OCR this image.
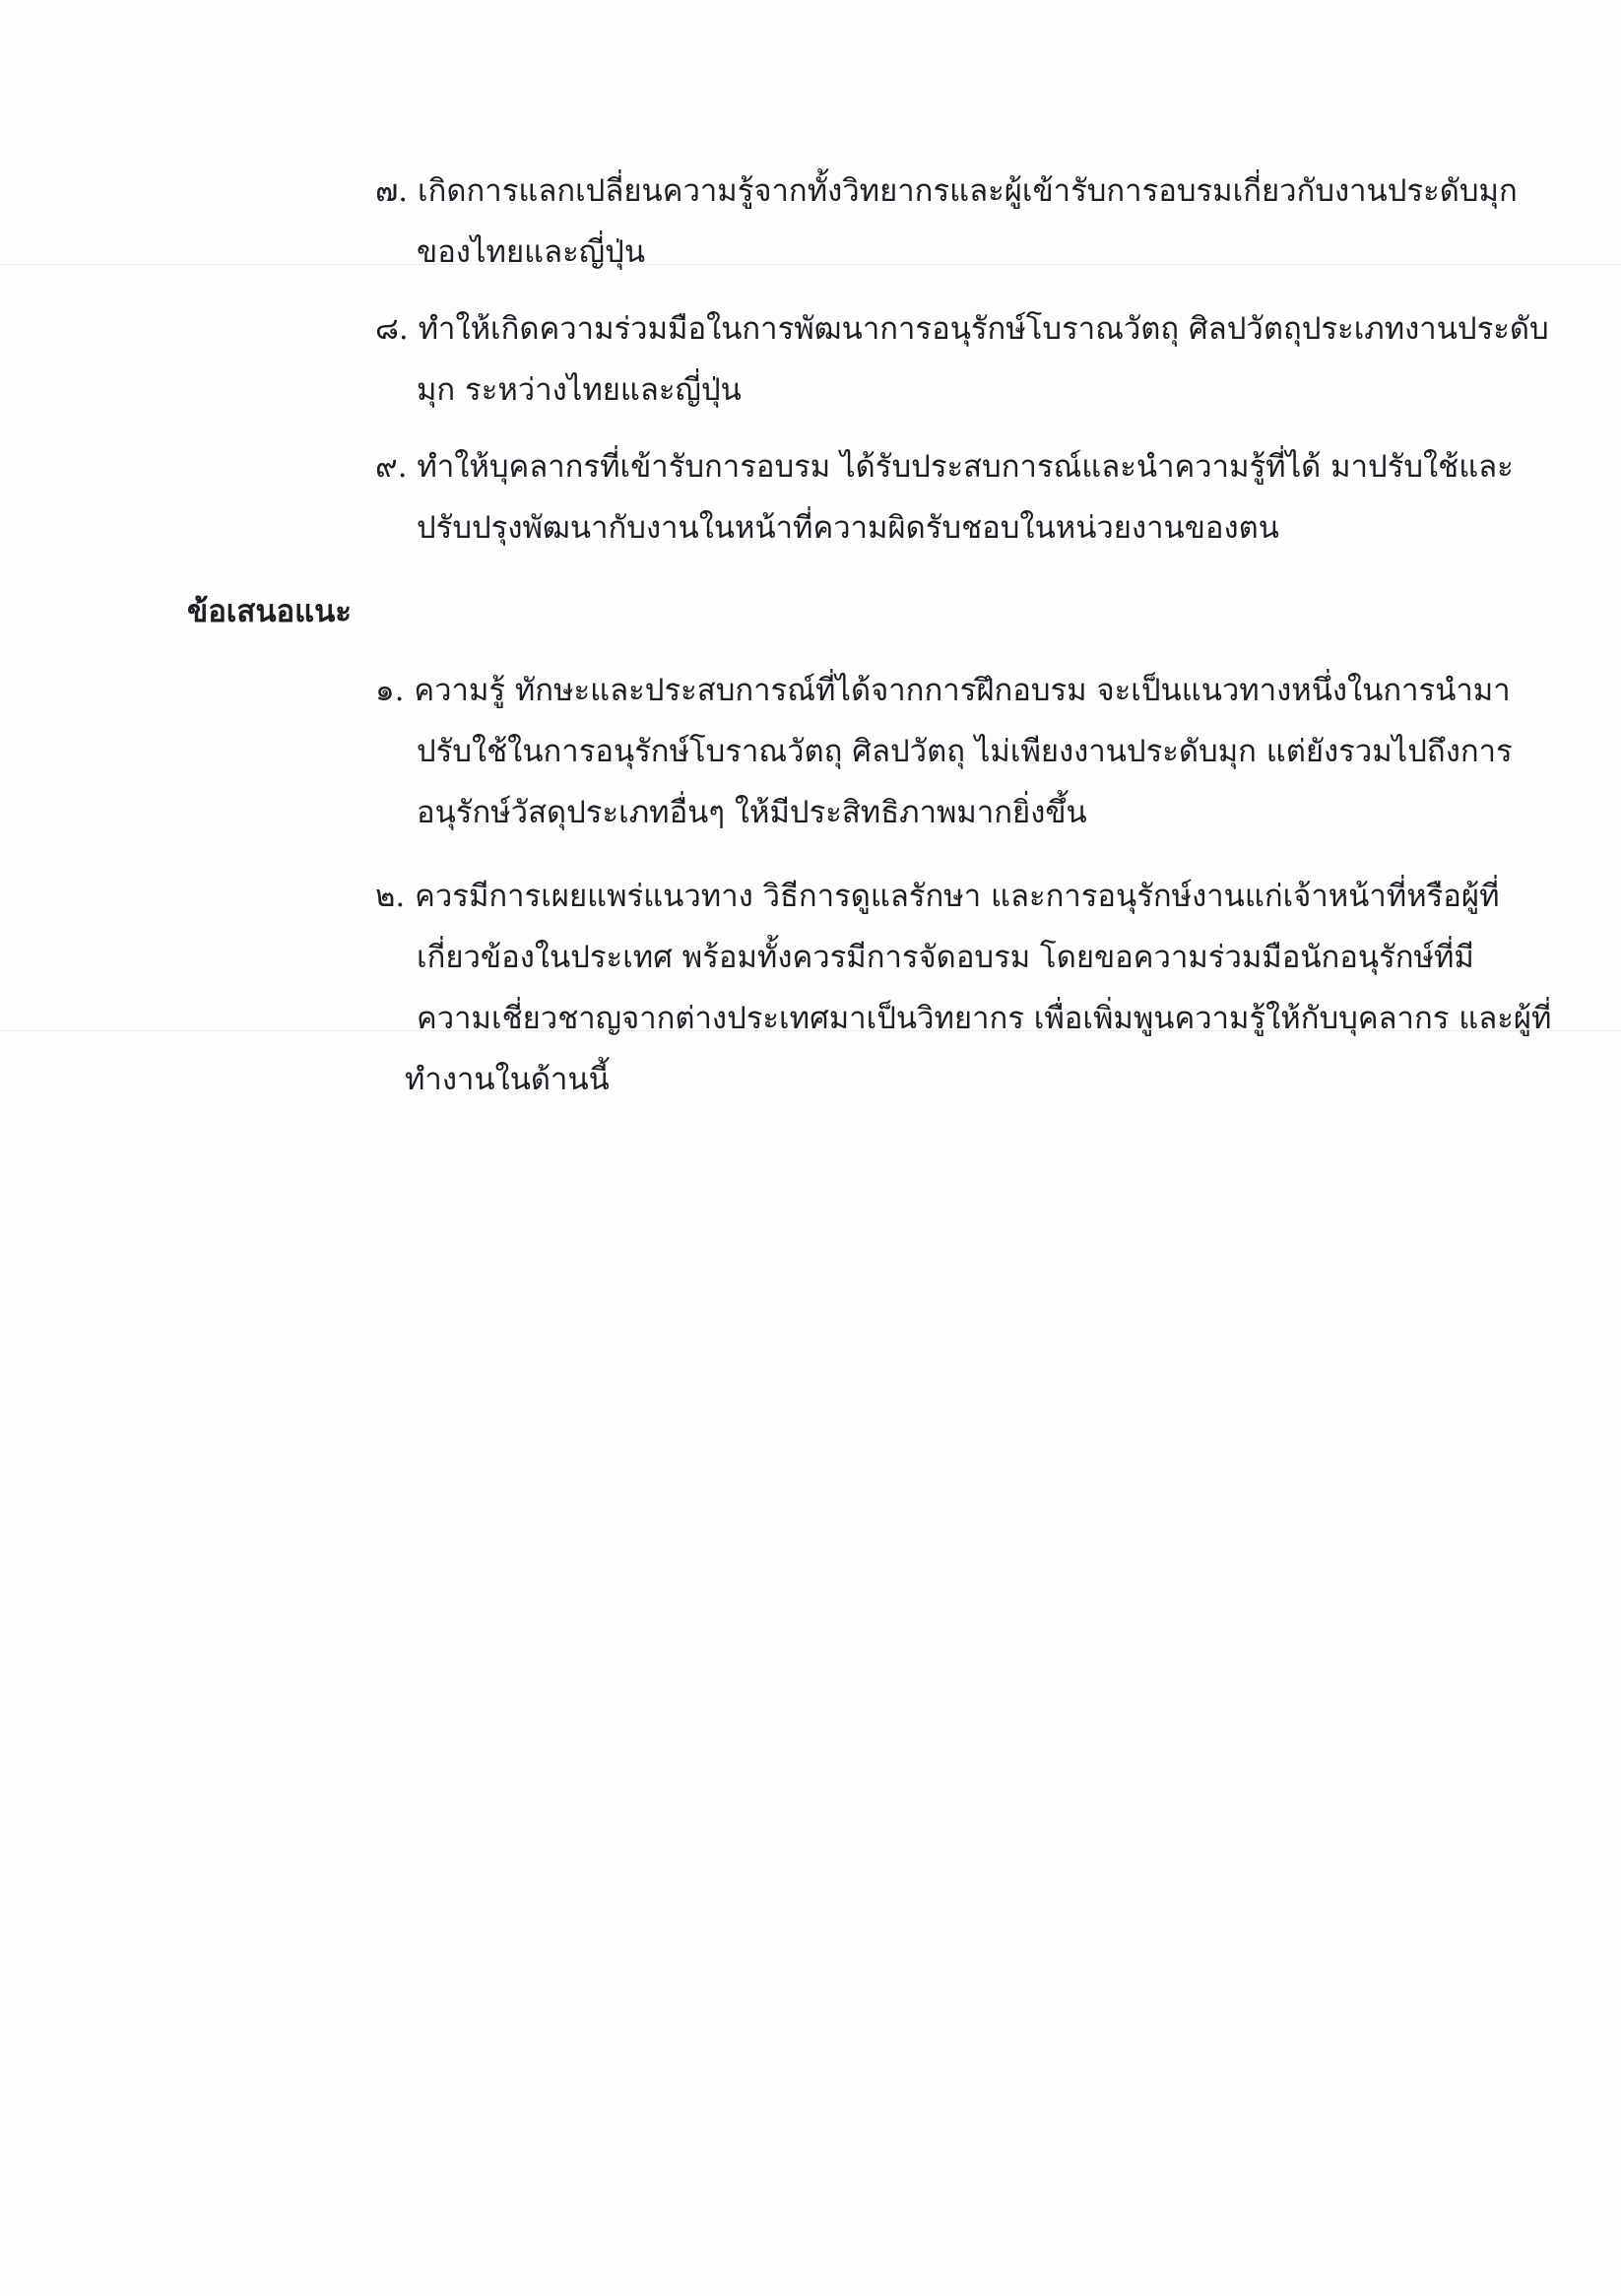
๗. เกิดการแลกเปลี่ยนความรู้จากทั้งวิทยากรและผู้เข้ารับการอบรมเกี่ยวกับงานประดับมุก
ของไทยและญี่ปุ่น
๘. ทำให้เกิดความร่วมมือในการพัฒนาการอนุรักษ์โบราณวัตถุ ศิลปวัตถุประเภทงานประดับ
มุก ระหว่างไทยและญี่ปุ่น
๙. ทำให้บุคลากรที่เข้ารับการอบรม ได้รับประสบการณ์และนำความรู้ที่ได้ มาปรับใช้และ
ปรับปรุงพัฒนากับงานในหน้าที่ความผิดรับชอบในหน่วยงานของตน
ข้อเสนอแนะ
๑. ความรู้ ทักษะและประสบการณ์ที่ได้จากการฝึกอบรม จะเป็นแนวทางหนึ่งในการนำมา
ปรับใช้ในการอนุรักษ์โบราณวัตถุ ศิลปวัตถุ ไม่เพียงงานประดับมุก แต่ยังรวมไปถึงการ
อนุรักษ์วัสดุประเภทอื่นๆ ให้มีประสิทธิภาพมากยิ่งขึ้น
๒. ควรมีการเผยแพร่แนวทาง วิธีการดูแลรักษา และการอนุรักษ์งานแก่เจ้าหน้าที่หรือผู้ที่
เกี่ยวข้องในประเทศ พร้อมทั้งควรมีการจัดอบรม โดยขอความร่วมมือนักอนุรักษ์ที่มี
ความเชี่ยวชาญจากต่างประเทศมาเป็นวิทยากร เพื่อเพิ่มพูนความรู้ให้กับบุคลากร และผู้ที่
ทำงานในด้านนี้
